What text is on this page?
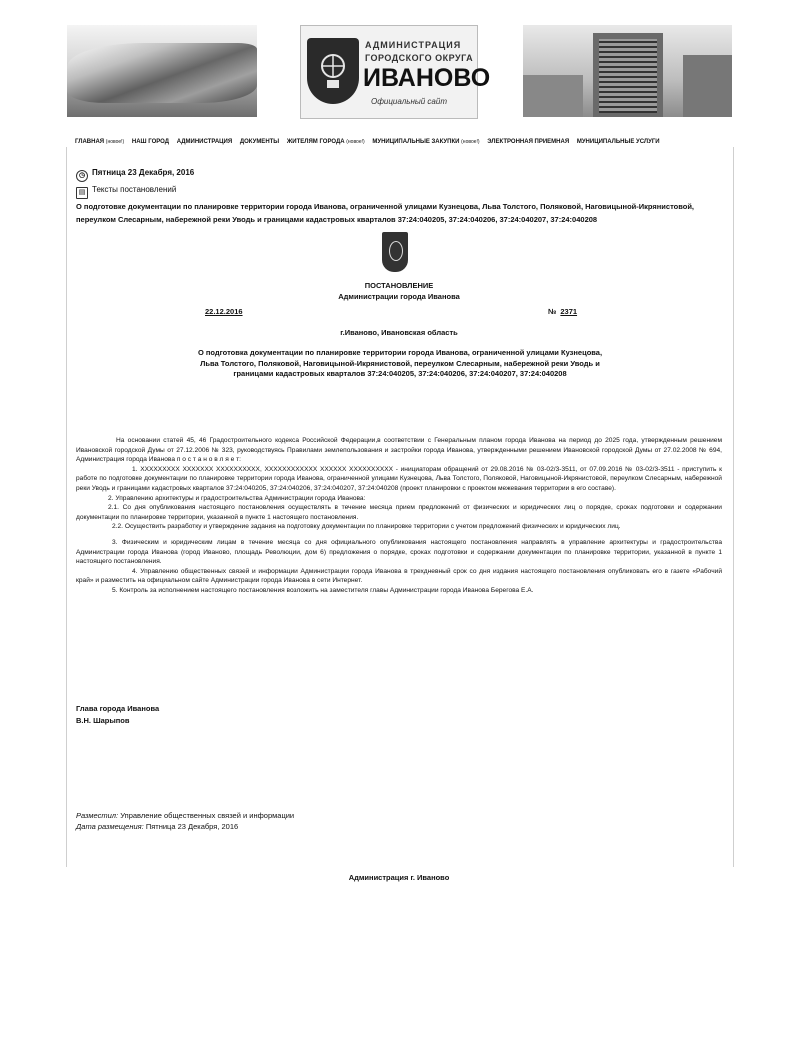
АДМИНИСТРАЦИЯ
ГОРОДСКОГО ОКРУГА
ИВАНОВО
Официальный сайт
ГЛАВНАЯ (новое!) НАШ ГОРОД АДМИНИСТРАЦИЯ ДОКУМЕНТЫ ЖИТЕЛЯМ ГОРОДА (новое!) МУНИЦИПАЛЬНЫЕ ЗАКУПКИ (новое!) ЭЛЕКТРОННАЯ ПРИЕМНАЯ МУНИЦИПАЛЬНЫЕ УСЛУГИ
◷ Пятница 23 Декабря, 2016
▤ Тексты постановлений
О подготовке документации по планировке территории города Иванова, ограниченной улицами Кузнецова, Льва Толстого, Поляковой, Наговицыной-Икрянистовой, переулком Слесарным, набережной реки Уводь и границами кадастровых кварталов 37:24:040205, 37:24:040206, 37:24:040207, 37:24:040208
ПОСТАНОВЛЕНИЕ
Администрации города Иванова
22.12.2016	№ 2371
г.Иваново, Ивановская область
О подготовка документации по планировке территории города Иванова, ограниченной улицами Кузнецова, Льва Толстого, Поляковой, Наговицыной-Икрянистовой, переулком Слесарным, набережной реки Уводь и границами кадастровых кварталов 37:24:040205, 37:24:040206, 37:24:040207, 37:24:040208

На основании статей 45, 46 Градостроительного кодекса Российской Федерации,в соответствии с Генеральным планом города Иванова на период до 2025 года, утвержденным решением Ивановской городской Думы от 27.12.2006 № 323, руководствуясь Правилами землепользования и застройки города Иванова, утвержденными решением Ивановской городской Думы от 27.02.2008 № 694, Администрация города Иванова п о с т а н о в л я е т:

1. XXXXXXXXX XXXXXXX XXXXXXXXXX, XXXXXXXXXXXX XXXXXX XXXXXXXXXX - инициаторам обращений от 29.08.2016 № 03-02/3-3511, от 07.09.2016 № 03-02/3-3511 - приступить к работе по подготовке документации по планировке территории города Иванова, ограниченной улицами Кузнецова, Льва Толстого, Поляковой, Наговицыной-Икрянистовой, переулком Слесарным, набережной реки Уводь и границами кадастровых кварталов 37:24:040205, 37:24:040206, 37:24:040207, 37:24:040208 (проект планировки с проектом межевания территории в его составе).

2. Управлению архитектуры и градостроительства Администрации города Иванова:

2.1. Со дня опубликования настоящего постановления осуществлять в течение месяца прием предложений от физических и юридических лиц о порядке, сроках подготовки и содержании документации по планировке территории, указанной в пункте 1 настоящего постановления.

2.2. Осуществить разработку и утверждение задания на подготовку документации по планировке территории с учетом предложений физических и юридических лиц.

3. Физическим и юридическим лицам в течение месяца со дня официального опубликования настоящего постановления направлять в управление архитектуры и градостроительства Администрации города Иванова (город Иваново, площадь Революции, дом 6) предложения о порядке, сроках подготовки и содержании документации по планировке территории, указанной в пункте 1 настоящего постановления.

4. Управлению общественных связей и информации Администрации города Иванова в трехдневный срок со дня издания настоящего постановления опубликовать его в газете «Рабочий край» и разместить на официальном сайте Администрации города Иванова в сети Интернет.

5. Контроль за исполнением настоящего постановления возложить на заместителя главы Администрации города Иванова Берегова Е.А.

Глава города Иванова
В.Н. Шарыпов
Разместил: Управление общественных связей и информации
Дата размещения: Пятница 23 Декабря, 2016
Администрация г. Иваново
